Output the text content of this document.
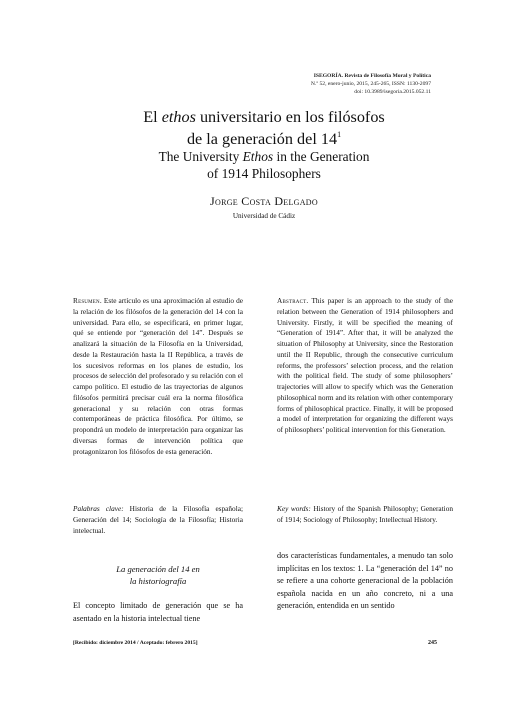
ISEGORÍA. Revista de Filosofía Moral y Política
N.º 52, enero-junio, 2015, 245-265, ISSN: 1130-2097
doi: 10.3989/isegoria.2015.052.11
El ethos universitario en los filósofos
de la generación del $14^1$
The University Ethos in the Generation
of 1914 Philosophers
Jorge Costa Delgado
Universidad de Cádiz
Resumen. Este artículo es una aproximación al estudio de la relación de los filósofos de la generación del 14 con la universidad. Para ello, se especificará, en primer lugar, qué se entiende por “generación del 14”. Después se analizará la situación de la Filosofía en la Universidad, desde la Restauración hasta la II República, a través de los sucesivos reformas en los planes de estudio, los procesos de selección del profesorado y su relación con el campo político. El estudio de las trayectorias de algunos filósofos permitirá precisar cuál era la norma filosófica generacional y su relación con otras formas contemporáneas de práctica filosófica. Por último, se propondrá un modelo de interpretación para organizar las diversas formas de intervención política que protagonizaron los filósofos de esta generación.
Abstract. This paper is an approach to the study of the relation between the Generation of 1914 philosophers and University. Firstly, it will be specified the meaning of “Generation of 1914”. After that, it will be analyzed the situation of Philosophy at University, since the Restoration until the II Republic, through the consecutive curriculum reforms, the professors’ selection process, and the relation with the political field. The study of some philosophers’ trajectories will allow to specify which was the Generation philosophical norm and its relation with other contemporary forms of philosophical practice. Finally, it will be proposed a model of interpretation for organizing the different ways of philosophers’ political intervention for this Generation.
Palabras clave: Historia de la Filosofía española; Generación del 14; Sociología de la Filosofía; Historia intelectual.
Key words: History of the Spanish Philosophy; Generation of 1914; Sociology of Philosophy; Intellectual History.
La generación del 14 en
la historiografía
El concepto limitado de generación que se ha asentado en la historia intelectual tiene
dos características fundamentales, a menudo tan solo implícitas en los textos: 1. La “generación del 14” no se refiere a una cohorte generacional de la población española nacida en un año concreto, ni a una generación, entendida en un sentido
[Recibido: diciembre 2014 / Aceptado: febrero 2015]	245
